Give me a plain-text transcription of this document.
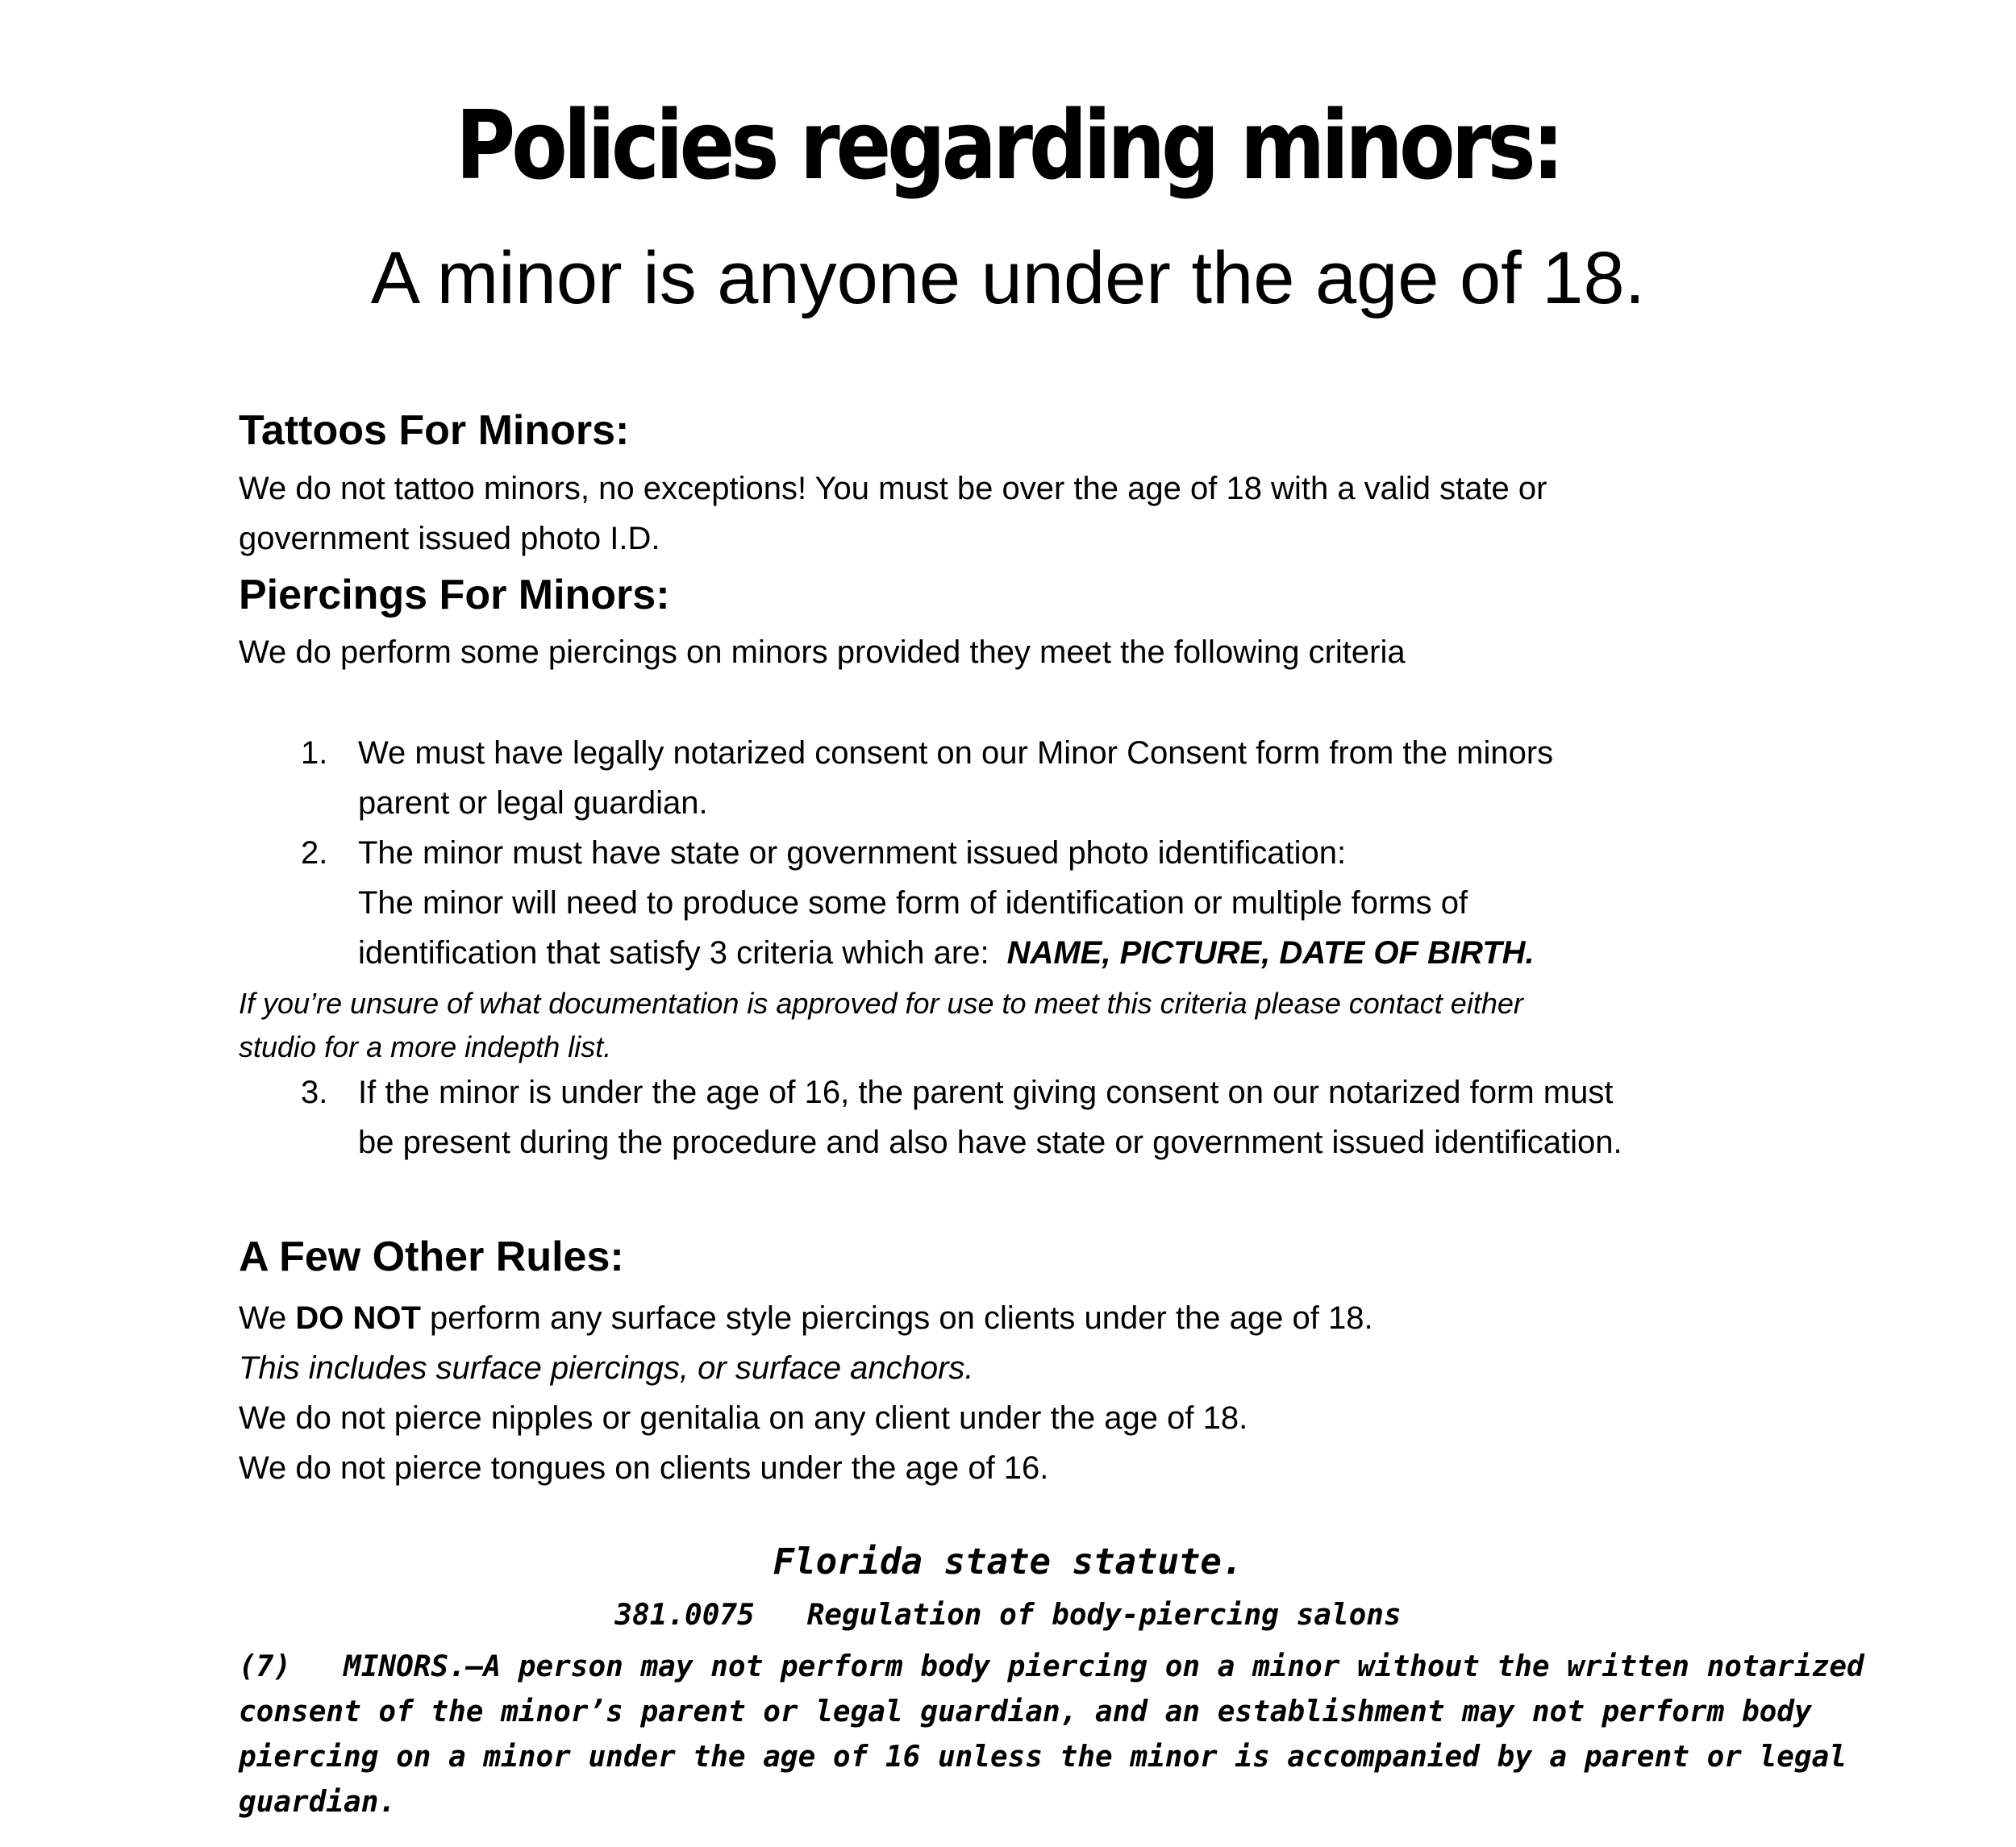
Policies regarding minors:
A minor is anyone under the age of 18.
Tattoos For Minors:
We do not tattoo minors, no exceptions! You must be over the age of 18 with a valid state or
government issued photo I.D.
Piercings For Minors:
We do perform some piercings on minors provided they meet the following criteria
1. We must have legally notarized consent on our Minor Consent form from the minors
parent or legal guardian.
2. The minor must have state or government issued photo identification:
The minor will need to produce some form of identification or multiple forms of
identification that satisfy 3 criteria which are: NAME, PICTURE, DATE OF BIRTH.
If you’re unsure of what documentation is approved for use to meet this criteria please contact either
studio for a more indepth list.
3. If the minor is under the age of 16, the parent giving consent on our notarized form must
be present during the procedure and also have state or government issued identification.
A Few Other Rules:
We DO NOT perform any surface style piercings on clients under the age of 18.
This includes surface piercings, or surface anchors.
We do not pierce nipples or genitalia on any client under the age of 18.
We do not pierce tongues on clients under the age of 16.
Florida state statute.
381.0075   Regulation of body-piercing salons
(7)   MINORS.—A person may not perform body piercing on a minor without the written notarized
consent of the minor’s parent or legal guardian, and an establishment may not perform body
piercing on a minor under the age of 16 unless the minor is accompanied by a parent or legal
guardian.
